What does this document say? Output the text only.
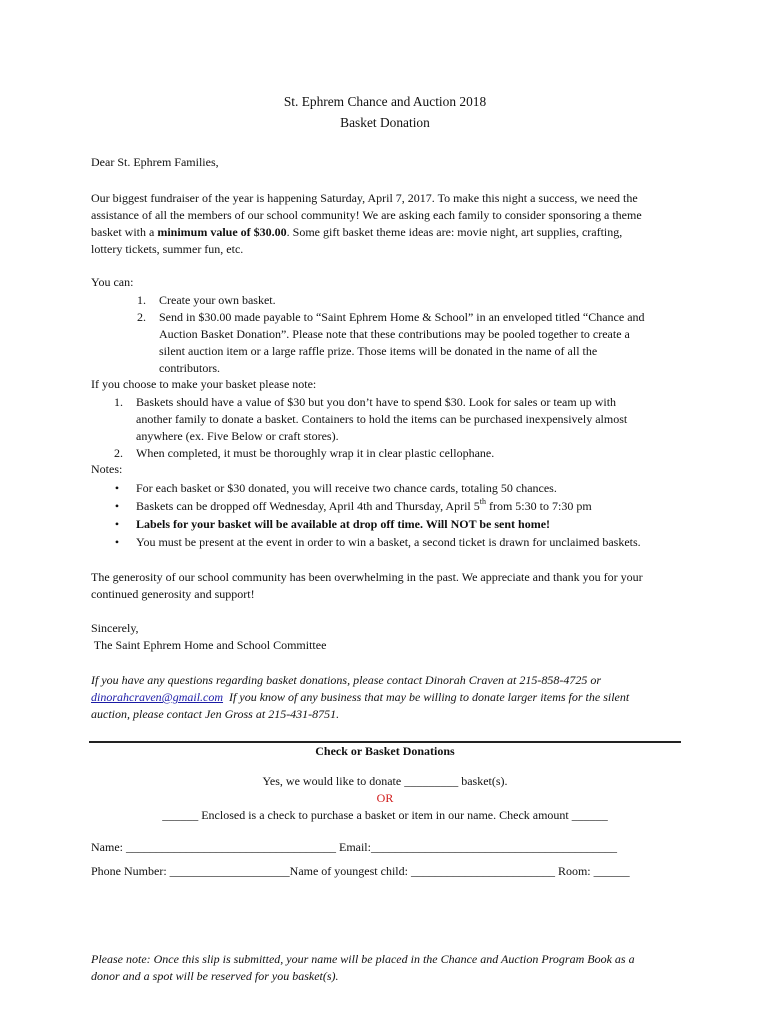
St. Ephrem Chance and Auction 2018
Basket Donation
Dear St. Ephrem Families,
Our biggest fundraiser of the year is happening Saturday, April 7, 2017. To make this night a success, we need the
assistance of all the members of our school community! We are asking each family to consider sponsoring a theme
basket with a minimum value of $30.00. Some gift basket theme ideas are: movie night, art supplies, crafting,
lottery tickets, summer fun, etc.
You can:
1. Create your own basket.
2. Send in $30.00 made payable to “Saint Ephrem Home & School” in an enveloped titled “Chance and
Auction Basket Donation”. Please note that these contributions may be pooled together to create a
silent auction item or a large raffle prize. Those items will be donated in the name of all the
contributors.
If you choose to make your basket please note:
1. Baskets should have a value of $30 but you don’t have to spend $30. Look for sales or team up with
another family to donate a basket. Containers to hold the items can be purchased inexpensively almost
anywhere (ex. Five Below or craft stores).
2. When completed, it must be thoroughly wrap it in clear plastic cellophane.
Notes:
• For each basket or $30 donated, you will receive two chance cards, totaling 50 chances.
• Baskets can be dropped off Wednesday, April 4th and Thursday, April 5th from 5:30 to 7:30 pm
• Labels for your basket will be available at drop off time. Will NOT be sent home!
• You must be present at the event in order to win a basket, a second ticket is drawn for unclaimed baskets.
The generosity of our school community has been overwhelming in the past. We appreciate and thank you for your
continued generosity and support!
Sincerely,
The Saint Ephrem Home and School Committee
If you have any questions regarding basket donations, please contact Dinorah Craven at 215-858-4725 or
dinorahcraven@gmail.com  If you know of any business that may be willing to donate larger items for the silent
auction, please contact Jen Gross at 215-431-8751.
Check or Basket Donations
Yes, we would like to donate _________ basket(s).
OR
______ Enclosed is a check to purchase a basket or item in our name. Check amount ______
Name: ___________________________________ Email:_________________________________________
Phone Number: ____________________Name of youngest child: ________________________ Room: ______
Please note: Once this slip is submitted, your name will be placed in the Chance and Auction Program Book as a
donor and a spot will be reserved for you basket(s).
